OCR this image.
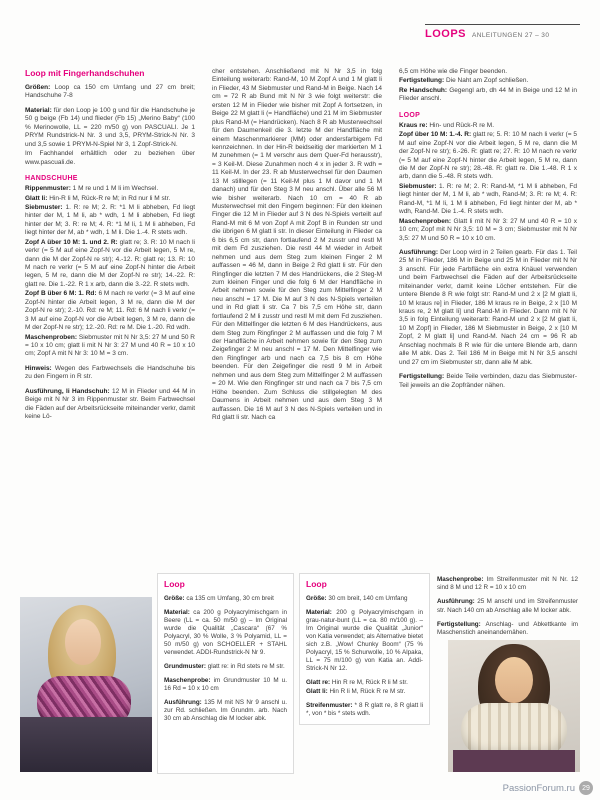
LOOPS ANLEITUNGEN 27 – 30
Loop mit Fingerhandschuhen

Größen: Loop ca 150 cm Umfang und 27 cm breit; Handschuhe 7-8

Material: für den Loop je 100 g und für die Handschuhe je 50 g beige (Fb 14) und flieder (Fb 15) „Merino Baby“ (100 % Merinowolle, LL = 220 m/50 g) von PASCUALI. Je 1 PRYM Rundstrick-N Nr. 3 und 3,5, PRYM-Strick-N Nr. 3 und 3,5 sowie 1 PRYM-N-Spiel Nr 3, 1 Zopf-Strick-N.

Im Fachhandel erhältlich oder zu beziehen über www.pascuali.de.

HANDSCHUHE

Rippenmuster: 1 M re und 1 M li im Wechsel.

Glatt li: Hin-R li M, Rück-R re M; in Rd nur li M str.

Siebmuster: 1. R: re M; 2. R: *1 M li abheben, Fd liegt hinter der M, 1 M li, ab * wdh, 1 M li abheben, Fd liegt hinter der M; 3. R: re M; 4. R: *1 M li, 1 M li abheben, Fd liegt hinter der M, ab * wdh, 1 M li. Die 1.-4. R stets wdh.

Zopf A über 10 M: 1. und 2. R: glatt re; 3. R: 10 M nach li verkr (= 5 M auf eine Zopf-N vor die Arbeit legen, 5 M re, dann die M der Zopf-N re str); 4.-12. R: glatt re; 13. R: 10 M nach re verkr (= 5 M auf eine Zopf-N hinter die Arbeit legen, 5 M re, dann die M der Zopf-N re str); 14.-22. R: glatt re. Die 1.-22. R 1 x arb, dann die 3.-22. R stets wdh.

Zopf B über 6 M: 1. Rd: 6 M nach re verkr (= 3 M auf eine Zopf-N hinter die Arbeit legen, 3 M re, dann die M der Zopf-N re str); 2.-10. Rd: re M; 11. Rd: 6 M nach li verkr (= 3 M auf eine Zopf-N vor die Arbeit legen, 3 M re, dann die M der Zopf-N re str); 12.-20. Rd: re M. Die 1.-20. Rd wdh.

Maschenproben: Siebmuster mit N Nr 3,5: 27 M und 50 R = 10 x 10 cm; glatt li mit N Nr 3: 27 M und 40 R = 10 x 10 cm; Zopf A mit N Nr 3: 10 M = 3 cm.

Hinweis: Wegen des Farbwechsels die Handschuhe bis zu den Fingern in R str.

Ausführung, li Handschuh: 12 M in Flieder und 44 M in Beige mit N Nr 3 im Rippenmuster str. Beim Farbwechsel die Fäden auf der Arbeitsrückseite miteinander verkr, damit keine Lö-

cher entstehen. Anschließend mit N Nr 3,5 in folg Einteilung weiterarb: Rand-M, 10 M Zopf A und 1 M glatt li in Flieder, 43 M Siebmuster und Rand-M in Beige. Nach 14 cm = 72 R ab Bund mit N Nr 3 wie folgt weiterstr: die ersten 12 M in Flieder wie bisher mit Zopf A fortsetzen, in Beige 22 M glatt li (= Handfläche) und 21 M im Siebmuster plus Rand-M (= Handrücken). Nach 8 R ab Musterwechsel für den Daumenkeil die 3. letzte M der Handfläche mit einem Maschenmarkierer (MM) oder andersfarbigem Fd kennzeichnen. In der Hin-R beidseitig der markierten M 1 M zunehmen (= 1 M verschr aus dem Quer-Fd herausstr), = 3 Keil-M. Diese Zunahmen noch 4 x in jeder 3. R wdh = 11 Keil-M. In der 23. R ab Musterwechsel für den Daumen 13 M stilllegen (= 11 Keil-M plus 1 M davor und 1 M danach) und für den Steg 3 M neu anschl. Über alle 56 M wie bisher weiterarb. Nach 10 cm = 40 R ab Musterwechsel mit den Fingern beginnen: Für den kleinen Finger die 12 M in Flieder auf 3 N des N-Spiels verteilt auf Rand-M mit 6 M von Zopf A mit Zopf B in Runden str und die übrigen 6 M glatt li str. In dieser Einteilung in Flieder ca 6 bis 6,5 cm str, dann fortlaufend 2 M zusstr und restl M mit dem Fd zusziehen. Die restl 44 M wieder in Arbeit nehmen und aus dem Steg zum kleinen Finger 2 M auffassen = 46 M, dann in Beige 2 Rd glatt li str. Für den Ringfinger die letzten 7 M des Handrückens, die 2 Steg-M zum kleinen Finger und die folg 6 M der Handfläche in Arbeit nehmen sowie für den Steg zum Mittelfinger 2 M neu anschl = 17 M. Die M auf 3 N des N-Spiels verteilen und in Rd glatt li str. Ca 7 bis 7,5 cm Höhe str, dann fortlaufend 2 M li zusstr und restl M mit dem Fd zusziehen. Für den Mittelfinger die letzten 6 M des Handrückens, aus dem Steg zum Ringfinger 2 M auffassen und die folg 7 M der Handfläche in Arbeit nehmen sowie für den Steg zum Zeigefinger 2 M neu anschl = 17 M. Den Mittelfinger wie den Ringfinger arb und nach ca 7,5 bis 8 cm Höhe beenden. Für den Zeigefinger die restl 9 M in Arbeit nehmen und aus dem Steg zum Mittelfinger 2 M auffassen = 20 M. Wie den Ringfinger str und nach ca 7 bis 7,5 cm Höhe beenden. Zum Schluss die stillgelegten M des Daumens in Arbeit nehmen und aus dem Steg 3 M auffassen. Die 16 M auf 3 N des N-Spiels verteilen und in Rd glatt li str. Nach ca

6,5 cm Höhe wie die Finger beenden.

Fertigstellung: Die Naht am Zopf schließen.

Re Handschuh: Gegengl arb, dh 44 M in Beige und 12 M in Flieder anschl.

LOOP

Kraus re: Hin- und Rück-R re M.

Zopf über 10 M: 1.-4. R: glatt re; 5. R: 10 M nach li verkr (= 5 M auf eine Zopf-N vor die Arbeit legen, 5 M re, dann die M der Zopf-N re str); 6.-26. R: glatt re; 27. R: 10 M nach re verkr (= 5 M auf eine Zopf-N hinter die Arbeit legen, 5 M re, dann die M der Zopf-N re str); 28.-48. R: glatt re. Die 1.-48. R 1 x arb, dann die 5.-48. R stets wdh.

Siebmuster: 1. R: re M; 2. R: Rand-M, *1 M li abheben, Fd liegt hinter der M, 1 M li, ab * wdh, Rand-M; 3. R: re M; 4. R: Rand-M, *1 M li, 1 M li abheben, Fd liegt hinter der M, ab * wdh, Rand-M. Die 1.-4. R stets wdh.

Maschenproben: Glatt li mit N Nr 3: 27 M und 40 R = 10 x 10 cm; Zopf mit N Nr 3,5: 10 M = 3 cm; Siebmuster mit N Nr 3,5: 27 M und 50 R = 10 x 10 cm.

Ausführung: Der Loop wird in 2 Teilen gearb. Für das 1. Teil 25 M in Flieder, 186 M in Beige und 25 M in Flieder mit N Nr 3 anschl. Für jede Farbfläche ein extra Knäuel verwenden und beim Farbwechsel die Fäden auf der Arbeitsrückseite miteinander verkr, damit keine Löcher entstehen. Für die untere Blende 8 R wie folgt str: Rand-M und 2 x [2 M glatt li, 10 M kraus re] in Flieder, 186 M kraus re in Beige, 2 x [10 M kraus re, 2 M glatt li] und Rand-M in Flieder. Dann mit N Nr 3,5 in folg Einteilung weiterarb: Rand-M und 2 x [2 M glatt li, 10 M Zopf] in Flieder, 186 M Siebmuster in Beige, 2 x [10 M Zopf, 2 M glatt li] und Rand-M. Nach 24 cm = 96 R ab Anschlag nochmals 8 R wie für die untere Blende arb, dann alle M abk. Das 2. Teil 186 M in Beige mit N Nr 3,5 anschl und 27 cm im Siebmuster str, dann alle M abk.

Fertigstellung: Beide Teile verbinden, dazu das Siebmuster-Teil jeweils an die Zopfränder nähen.

Loop

Größe: ca 135 cm Umfang, 30 cm breit

Material: ca 200 g Polyacrylmischgarn in Beere (LL = ca. 50 m/50 g) – Im Original wurde die Qualität „Cascara“ (67 % Polyacryl, 30 % Wolle, 3 % Polyamid, LL = 50 m/50 g) von SCHOELLER + STAHL verwendet. ADDI-Rundstrick-N Nr 9.

Grundmuster: glatt re: in Rd stets re M str.

Maschenprobe: im Grundmuster 10 M u. 16 Rd = 10 x 10 cm

Ausführung: 135 M mit NS Nr 9 anschl u. zur Rd. schließen. Im Grundm. arb. Nach 30 cm ab Anschlag die M locker abk.

Loop

Größe: 30 cm breit, 140 cm Umfang

Material: 200 g Polyacrylmischgarn in grau-natur-bunt (LL = ca. 80 m/100 g). – Im Original wurde die Qualität „Junior“ von Katia verwendet; als Alternative bietet sich z.B. „Wow! Chunky Boom“ (75 % Polyacryl, 15 % Schurwolle, 10 % Alpaka, LL = 75 m/100 g) von Katia an. Addi-Strick-N Nr 12.

Glatt re: Hin R re M, Rück R li M str.

Glatt li: Hin R li M, Rück R re M str.

Streifenmuster: * 8 R glatt re, 8 R glatt li *, von * bis * stets wdh.

Maschenprobe: Im Streifenmuster mit N Nr. 12 sind 8 M und 12 R = 10 x 10 cm

Ausführung: 25 M anschl und im Streifenmuster str. Nach 140 cm ab Anschlag alle M locker abk.

Fertigstellung: Anschlag- und Abkettkante im Maschenstich aneinandernähen.

PassionForum.ru	29
